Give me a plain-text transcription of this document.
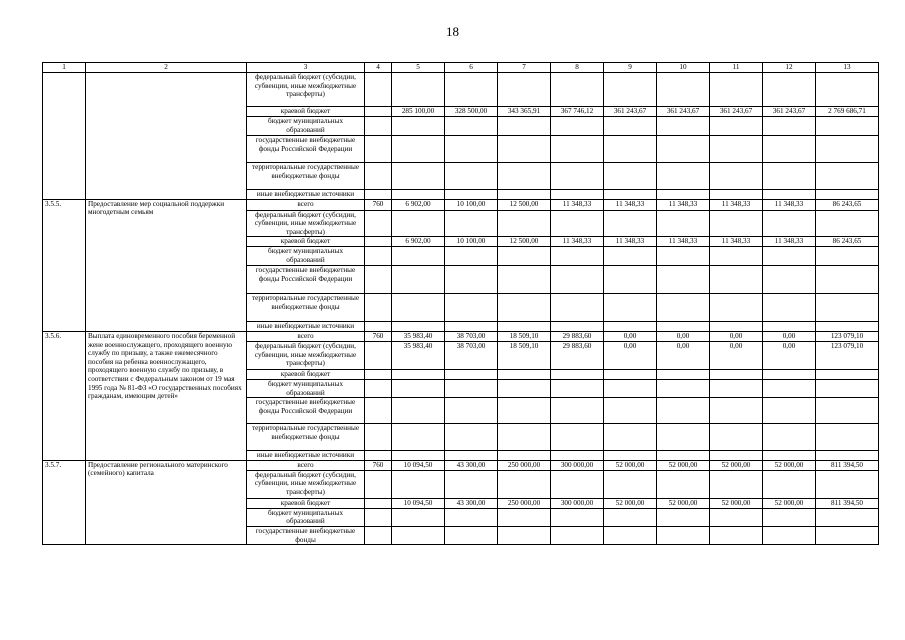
18
1	2	3	4	5	6	7	8	9	10	11	12	13
		федеральный бюджет (субсидии, субвенции, иные межбюджетные трансферты)										
		краевой бюджет		285 100,00	328 500,00	343 365,91	367 746,12	361 243,67	361 243,67	361 243,67	361 243,67	2 769 686,71
		бюджет муниципальных образований										
		государственные внебюджетные фонды Российской Федерации										
		территориальные государственные внебюджетные фонды										
		иные внебюджетные источники										
3.5.5.	Предоставление мер социальной поддержки многодетным семьям	всего	760	6 902,00	10 100,00	12 500,00	11 348,33	11 348,33	11 348,33	11 348,33	11 348,33	86 243,65
		федеральный бюджет (субсидии, субвенции, иные межбюджетные трансферты)										
		краевой бюджет		6 902,00	10 100,00	12 500,00	11 348,33	11 348,33	11 348,33	11 348,33	11 348,33	86 243,65
		бюджет муниципальных образований										
		государственные внебюджетные фонды Российской Федерации										
		территориальные государственные внебюджетные фонды										
		иные внебюджетные источники										
3.5.6.	Выплата единовременного пособия беременной жене военнослужащего, проходящего военную службу по призыву, а также ежемесячного пособия на ребенка военнослужащего, проходящего военную службу по призыву, в соответствии с Федеральным законом от 19 мая 1995 года № 81-ФЗ «О государственных пособиях гражданам, имеющим детей»	всего	760	35 983,40	38 703,00	18 509,10	29 883,60	0,00	0,00	0,00	0,00	123 079,10
		федеральный бюджет (субсидии, субвенции, иные межбюджетные трансферты)		35 983,40	38 703,00	18 509,10	29 883,60	0,00	0,00	0,00	0,00	123 079,10
		краевой бюджет										
		бюджет муниципальных образований										
		государственные внебюджетные фонды Российской Федерации										
		территориальные государственные внебюджетные фонды										
		иные внебюджетные источники										
3.5.7.	Предоставление регионального материнского (семейного) капитала	всего	760	10 094,50	43 300,00	250 000,00	300 000,00	52 000,00	52 000,00	52 000,00	52 000,00	811 394,50
		федеральный бюджет (субсидии, субвенции, иные межбюджетные трансферты)										
		краевой бюджет		10 094,50	43 300,00	250 000,00	300 000,00	52 000,00	52 000,00	52 000,00	52 000,00	811 394,50
		бюджет муниципальных образований										
		государственные внебюджетные фонды										
